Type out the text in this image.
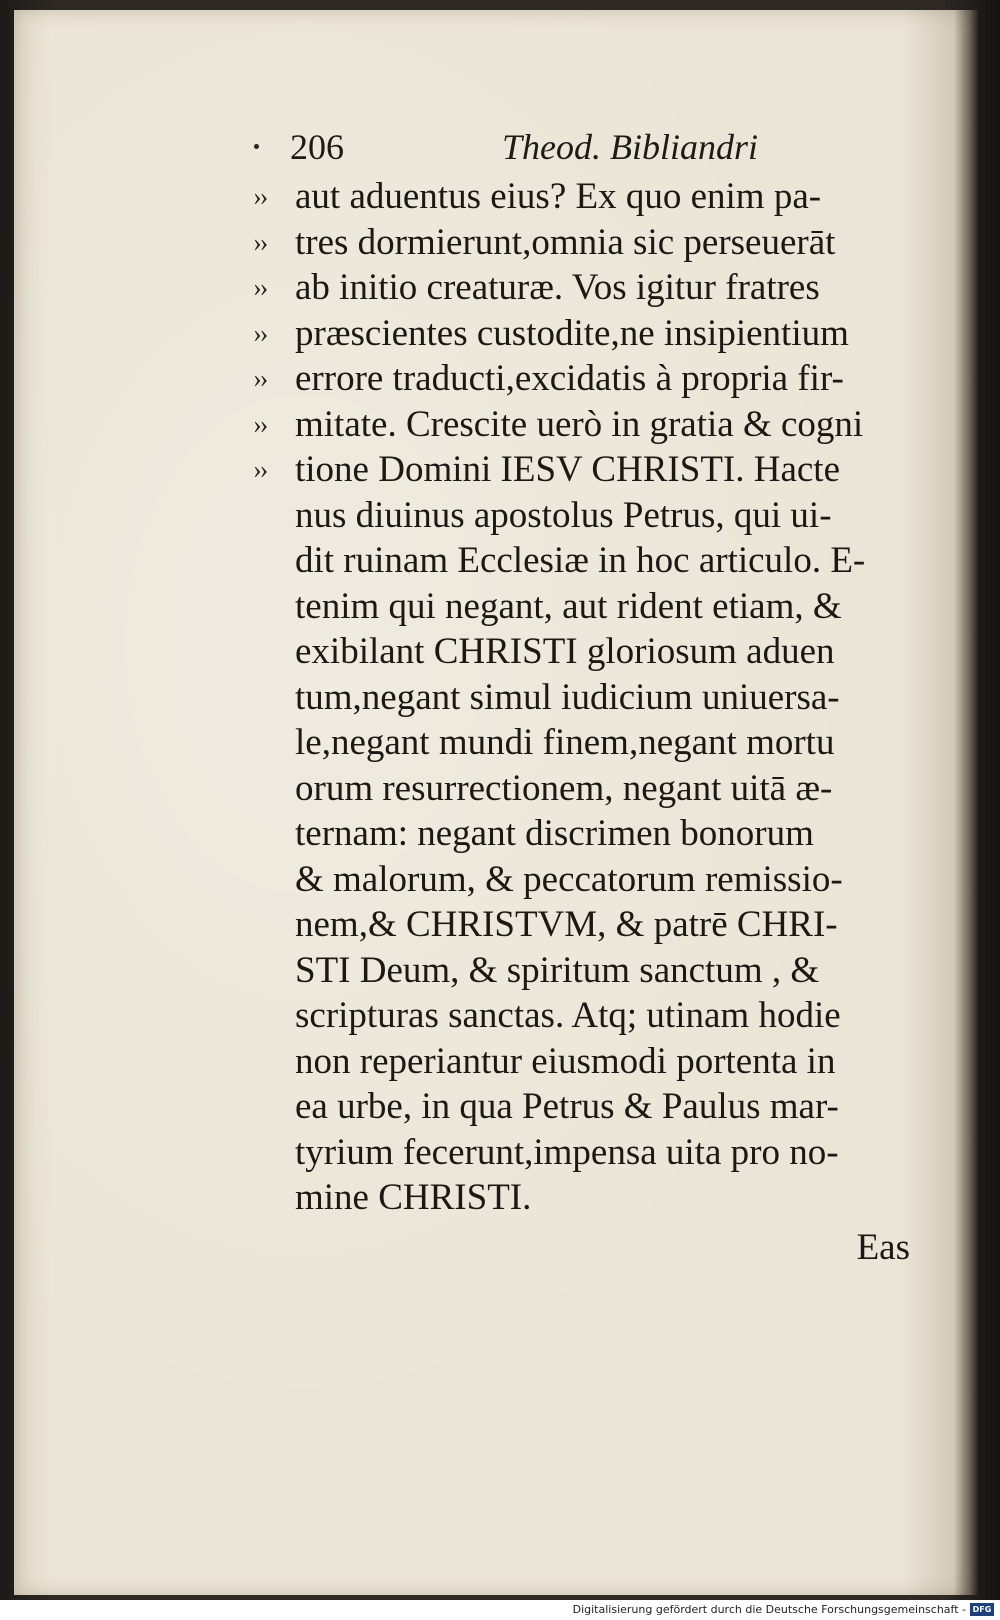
206	Theod. Bibliandri
›› aut aduentus eius? Ex quo enim pa-
›› tres dormierunt,omnia sic perseuerāt
›› ab initio creaturæ. Vos igitur fratres
›› præscientes custodite,ne insipientium
›› errore traducti,excidatis à propria fir-
›› mitate. Crescite uerò in gratia & cogni
›› tione Domini IESV CHRISTI. Hacte
nus diuinus apostolus Petrus, qui ui-
dit ruinam Ecclesiæ in hoc articulo. E-
tenim qui negant, aut rident etiam, &
exibilant CHRISTI gloriosum aduen
tum,negant simul iudicium uniuersa-
le,negant mundi finem,negant mortu
orum resurrectionem, negant uitā æ-
ternam: negant discrimen bonorum
& malorum, & peccatorum remissio-
nem,& CHRISTVM, & patrē CHRI-
STI Deum, & spiritum sanctum , &
scripturas sanctas. Atq; utinam hodie
non reperiantur eiusmodi portenta in
ea urbe, in qua Petrus & Paulus mar-
tyrium fecerunt,impensa uita pro no-
mine CHRISTI.
Eas
Digitalisierung gefördert durch die Deutsche Forschungsgemeinschaft - DFG
